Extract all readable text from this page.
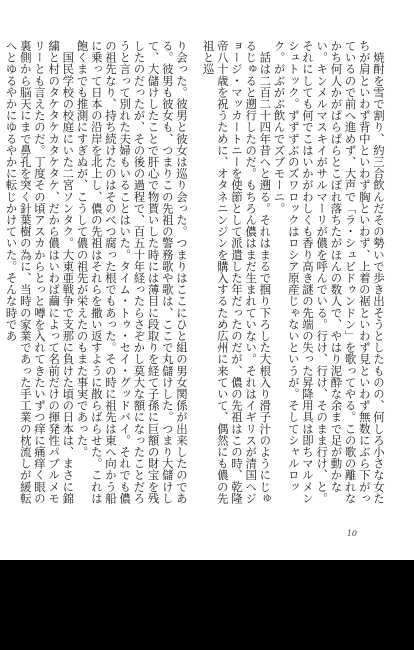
　焼酎を雪で割り、約三合飲んだその勢いで歩き出そうとしたものの、何しろ小さな女たちが肩といわず背中といわず胸といわず、上着の裾といわず見といわず無数にぶら下がっているので前へ進めず、大声で「ラ・シュビドゥンドン」を歌ってやる。この歌の離れなかち何人かがぱらぱらとこぼれ落ちたがほんの数人で、やはり泥酔な余まで足が動かない。キンメルマスキイがサルマーリが儂を呼んでいる。行け、行け、そのまま行け、と。それにしても何でこはいかがわしくも香り高き謎の先端の失った昇降用具は即ちマルメンシュトック。ずずずぶのズワロックはロシア原産じゃないというが。そしてシャルロック。がぶがぶ飲んでズブモーニ。

　話は二百二十四年昔へと遡る。それはまるで掴り下ろした大根入り滑子汁のようにじゅるじゅると遡行したのだ。もちろん儂はまだ生まれていない。それはイギリスが清国へジョージ・マッカートニーを使節として派遣した年だったのだが、儂の先祖はこの時、乾隆帝八十歳を祝うために、オタネニンジンを購入するため広州に来ていて、偶然にも儂の先祖と巡

り会った。彼男と彼女は巡り会った。つまりはここにひと組の男女関係が出来したのである。彼男も彼女も、つまりこの先祖の警務歌や歌は、ここで丸儲けした。つまり大儲けして、大儲けしたことで肝心で物貰いした時には薄目に段取りを経て子孫に巨額の財宝を残したのだったが、その後の過程で、百五十年経ったらさぞかし莫大な額になったことだろうと言って別れた夫婦もいることはいた。タイム・トゥ・セイ・グッドバイ。それでも儂の祖先なり、持ち続けたのはそのべつ腐った根でもあった。その時に祖先は東へ向かう船に乗って日本の沿岸を北上し、儂の先祖はそれらを撒い返すように散らばらせた。これは飽くまでも推測にすぎぬが、こうして儂の祖先が栄えたのもまた事実であった。

　国民学校の校庭にいた二宮ソンタク。大東亜戦争で支那に負けた頃の日本は、まさに錦繍と村のタケタケカタケタケ、だから儂はいわば繭によって名前だけの揮発性パブルメモリーとも言えたのだ。丁度その頃アスカからとっと噂を入れてきたいずつ痒に痛痒く眼の裏側から脳天にまで鼻孔を突く針葉樹の為に、当時の家業であった手工業の枕流しが緩転へとゆるやかにゆるやかに転じかけていた。そんな時であ

10
